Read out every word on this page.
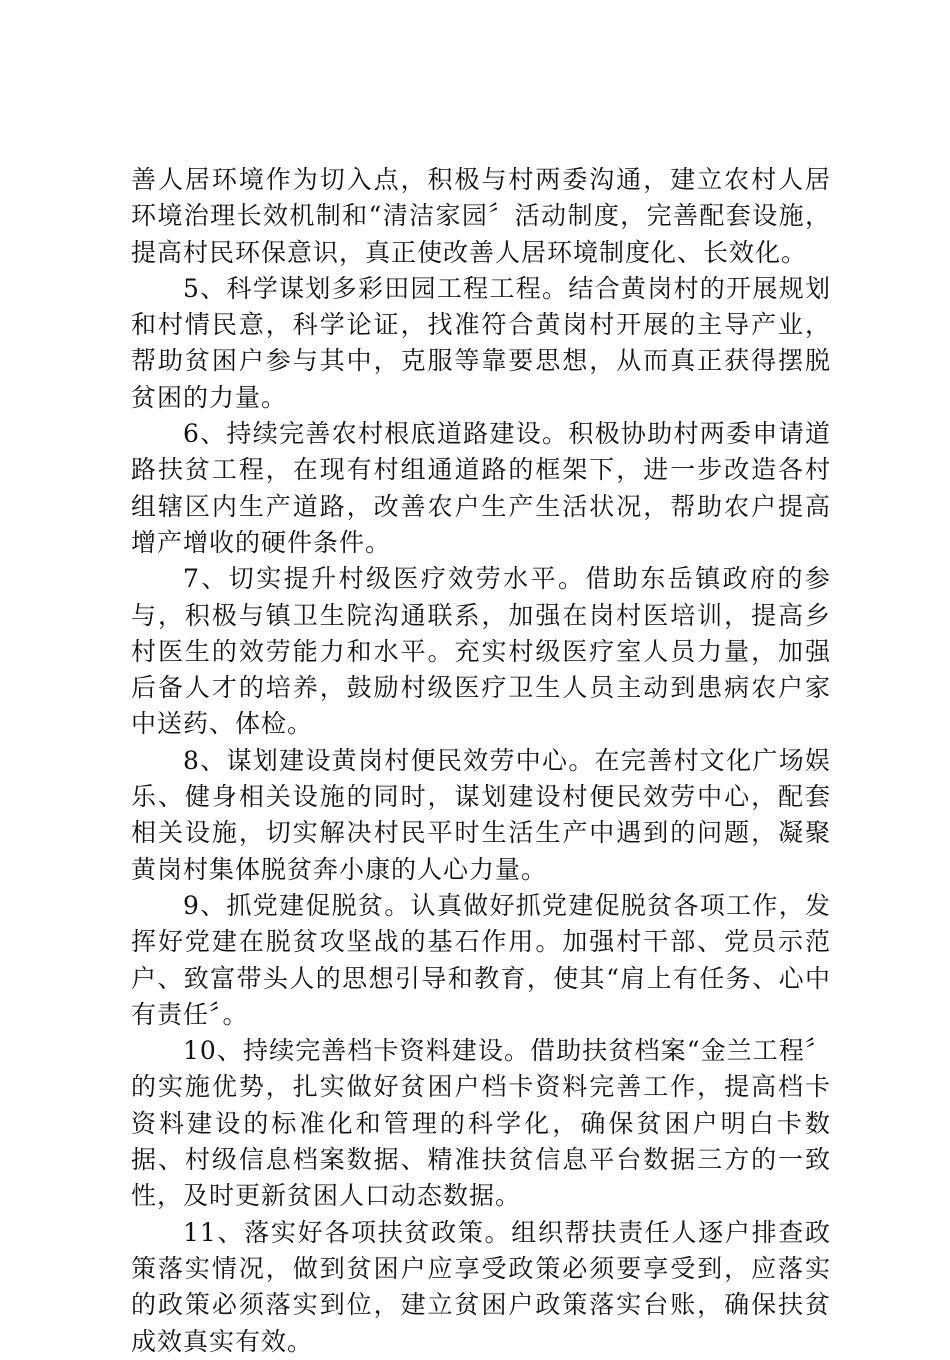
善人居环境作为切入点，积极与村两委沟通，建立农村人居环境治理长效机制和“清洁家园〞活动制度，完善配套设施，提高村民环保意识，真正使改善人居环境制度化、长效化。

5、科学谋划多彩田园工程工程。结合黄岗村的开展规划和村情民意，科学论证，找准符合黄岗村开展的主导产业，帮助贫困户参与其中，克服等靠要思想，从而真正获得摆脱贫困的力量。

6、持续完善农村根底道路建设。积极协助村两委申请道路扶贫工程，在现有村组通道路的框架下，进一步改造各村组辖区内生产道路，改善农户生产生活状况，帮助农户提高增产增收的硬件条件。

7、切实提升村级医疗效劳水平。借助东岳镇政府的参与，积极与镇卫生院沟通联系，加强在岗村医培训，提高乡村医生的效劳能力和水平。充实村级医疗室人员力量，加强后备人才的培养，鼓励村级医疗卫生人员主动到患病农户家中送药、体检。

8、谋划建设黄岗村便民效劳中心。在完善村文化广场娱乐、健身相关设施的同时，谋划建设村便民效劳中心，配套相关设施，切实解决村民平时生活生产中遇到的问题，凝聚黄岗村集体脱贫奔小康的人心力量。

9、抓党建促脱贫。认真做好抓党建促脱贫各项工作，发挥好党建在脱贫攻坚战的基石作用。加强村干部、党员示范户、致富带头人的思想引导和教育，使其“肩上有任务、心中有责任〞。

10、持续完善档卡资料建设。借助扶贫档案“金兰工程〞的实施优势，扎实做好贫困户档卡资料完善工作，提高档卡资料建设的标准化和管理的科学化，确保贫困户明白卡数据、村级信息档案数据、精准扶贫信息平台数据三方的一致性，及时更新贫困人口动态数据。

11、落实好各项扶贫政策。组织帮扶责任人逐户排查政策落实情况，做到贫困户应享受政策必须要享受到，应落实的政策必须落实到位，建立贫困户政策落实台账，确保扶贫成效真实有效。
